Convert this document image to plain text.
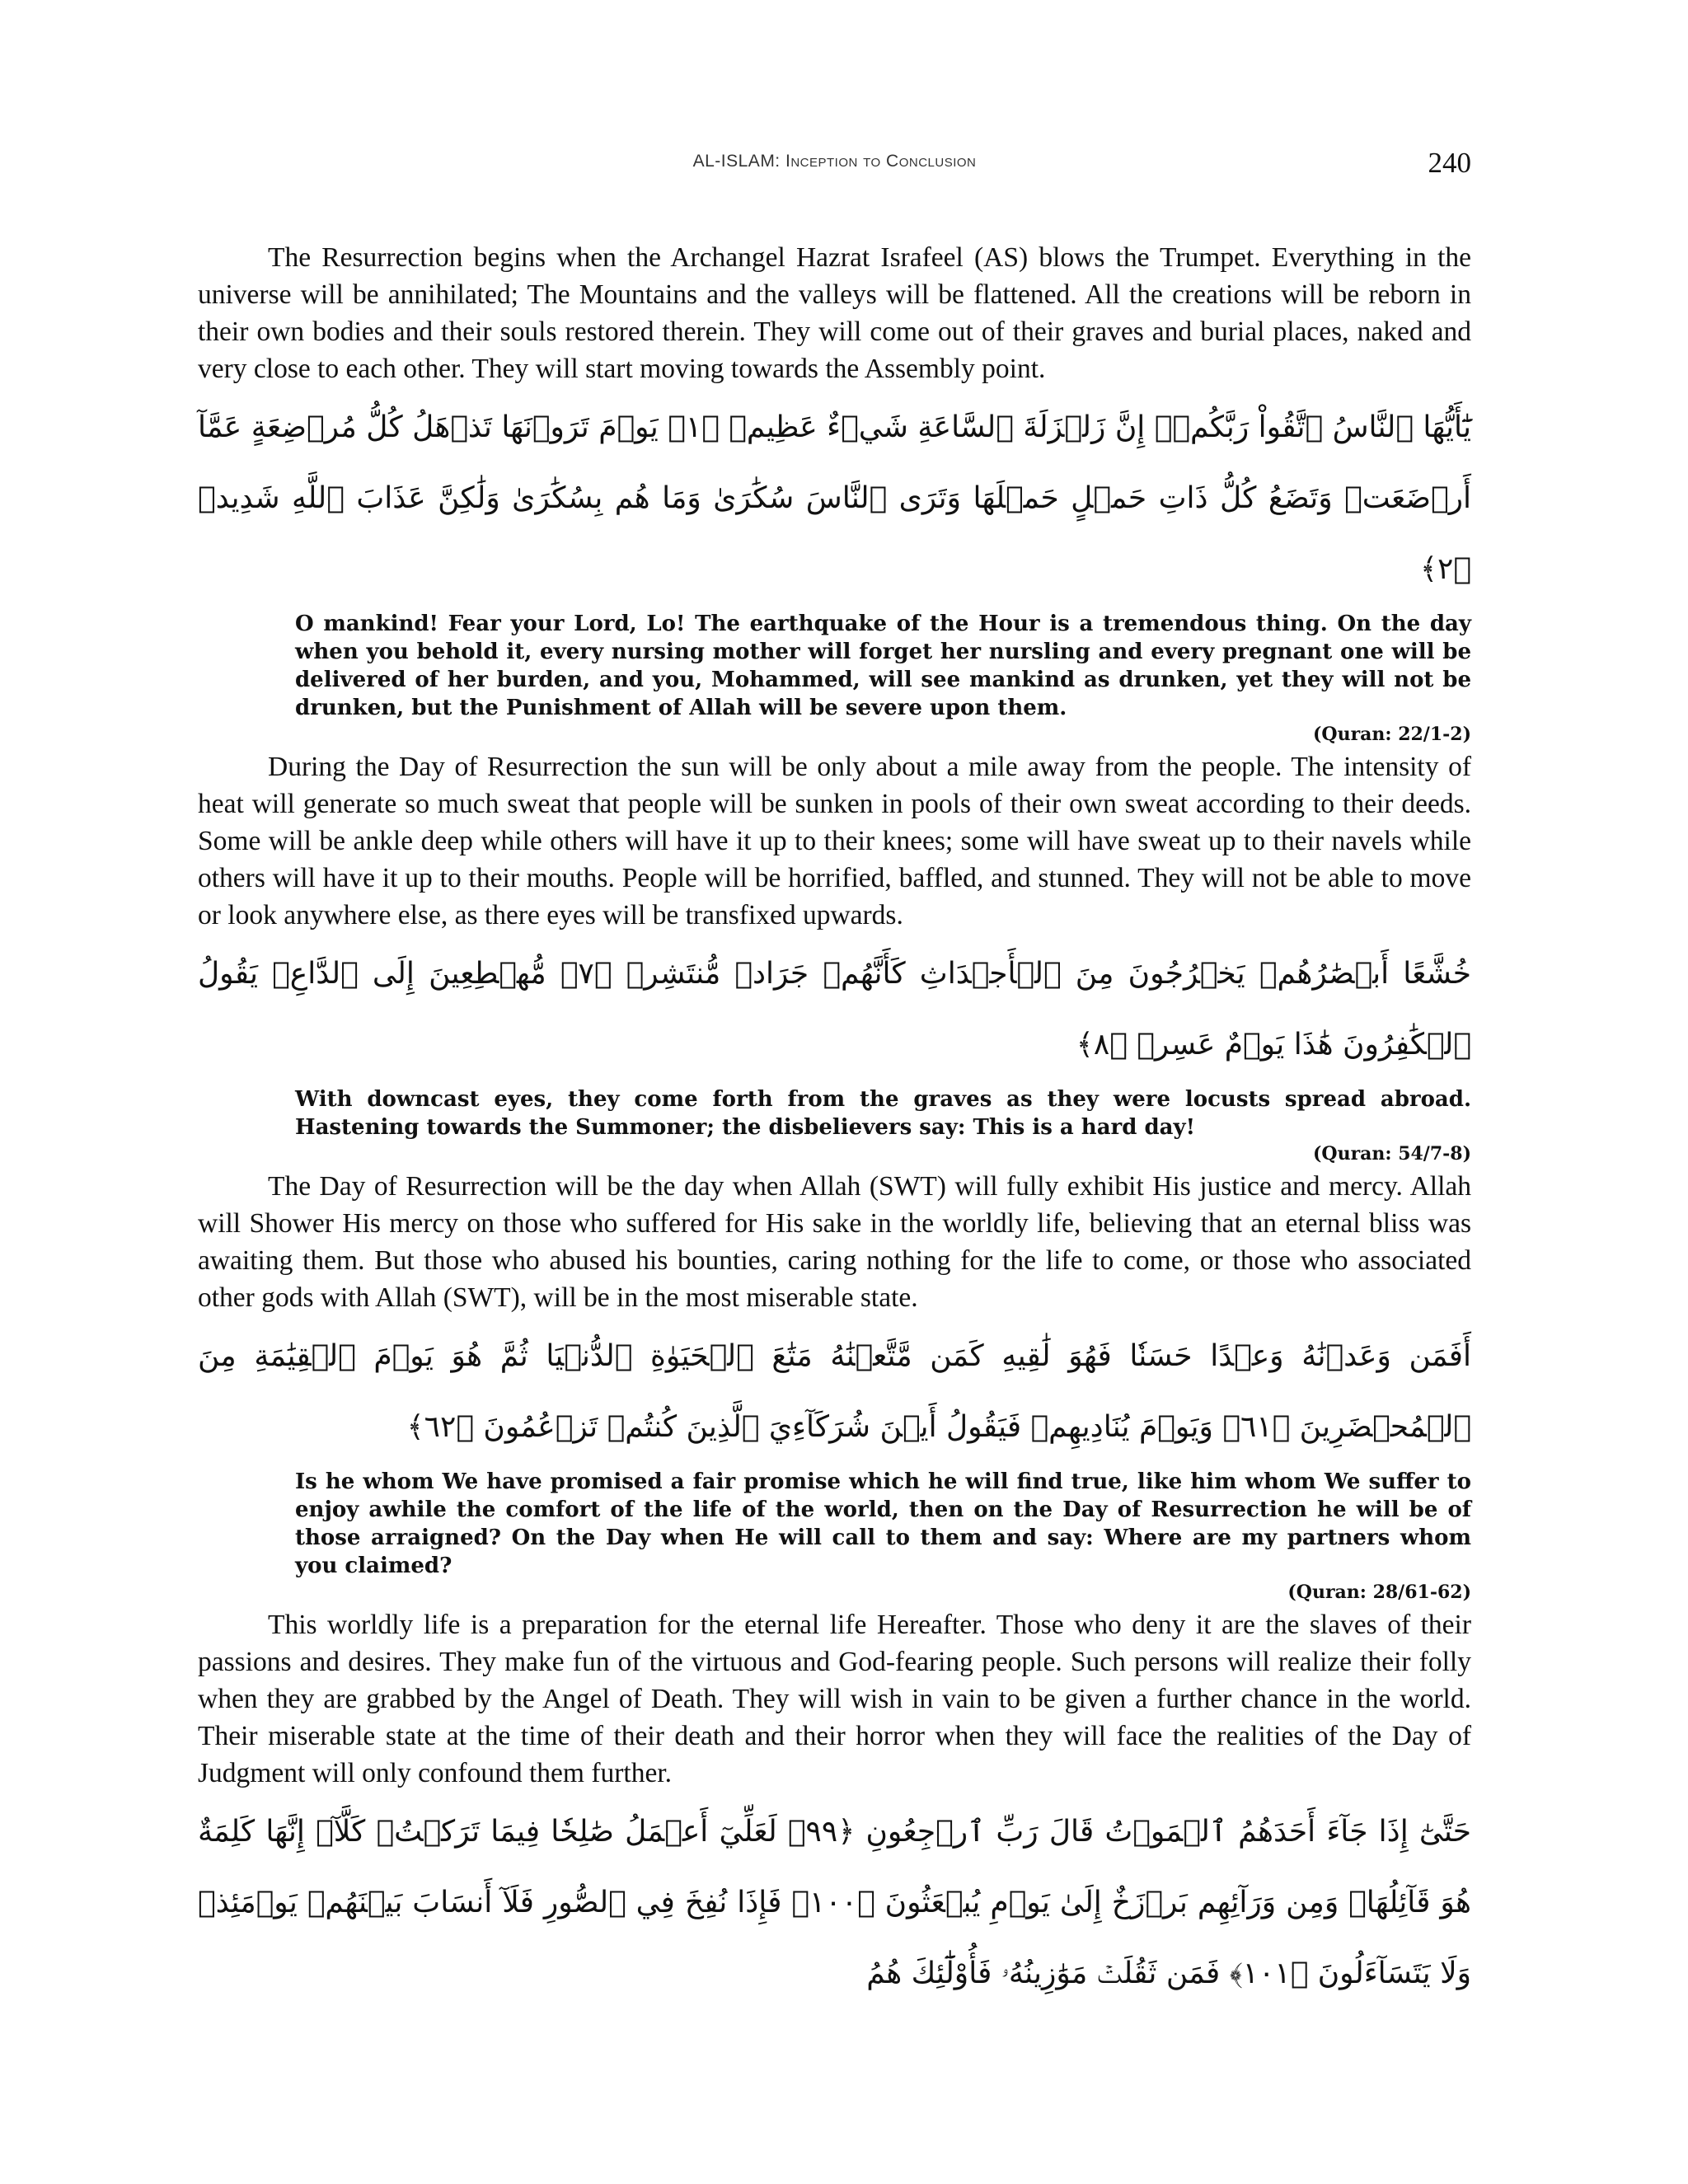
AL-ISLAM: Inception to Conclusion	240

The Resurrection begins when the Archangel Hazrat Israfeel (AS) blows the Trumpet. Everything in the universe will be annihilated; The Mountains and the valleys will be flattened. All the creations will be reborn in their own bodies and their souls restored therein. They will come out of their graves and burial places, naked and very close to each other. They will start moving towards the Assembly point.

يَٰٓأَيُّهَا ٱلنَّاسُ ٱتَّقُواْ رَبَّكُمۡۚ إِنَّ زَلۡزَلَةَ ٱلسَّاعَةِ شَيۡءٌ عَظِيمٞ ﴿١﴾ يَوۡمَ تَرَوۡنَهَا تَذۡهَلُ كُلُّ مُرۡضِعَةٍ عَمَّآ أَرۡضَعَتۡ وَتَضَعُ كُلُّ ذَاتِ حَمۡلٍ حَمۡلَهَا وَتَرَى ٱلنَّاسَ سُكَٰرَىٰ وَمَا هُم بِسُكَٰرَىٰ وَلَٰكِنَّ عَذَابَ ٱللَّهِ شَدِيدٞ ﴿٢﴾

O mankind! Fear your Lord, Lo! The earthquake of the Hour is a tremendous thing. On the day when you behold it, every nursing mother will forget her nursling and every pregnant one will be delivered of her burden, and you, Mohammed, will see mankind as drunken, yet they will not be drunken, but the Punishment of Allah will be severe upon them.

(Quran: 22/1-2)

During the Day of Resurrection the sun will be only about a mile away from the people. The intensity of heat will generate so much sweat that people will be sunken in pools of their own sweat according to their deeds. Some will be ankle deep while others will have it up to their knees; some will have sweat up to their navels while others will have it up to their mouths. People will be horrified, baffled, and stunned. They will not be able to move or look anywhere else, as there eyes will be transfixed upwards.

خُشَّعًا أَبۡصَٰرُهُمۡ يَخۡرُجُونَ مِنَ ٱلۡأَجۡدَاثِ كَأَنَّهُمۡ جَرَادٞ مُّنتَشِرٞ ﴿٧﴾ مُّهۡطِعِينَ إِلَى ٱلدَّاعِۖ يَقُولُ ٱلۡكَٰفِرُونَ هَٰذَا يَوۡمٌ عَسِرٞ ﴿٨﴾

With downcast eyes, they come forth from the graves as they were locusts spread abroad. Hastening towards the Summoner; the disbelievers say: This is a hard day!

(Quran: 54/7-8)

The Day of Resurrection will be the day when Allah (SWT) will fully exhibit His justice and mercy. Allah will Shower His mercy on those who suffered for His sake in the worldly life, believing that an eternal bliss was awaiting them. But those who abused his bounties, caring nothing for the life to come, or those who associated other gods with Allah (SWT), will be in the most miserable state.

أَفَمَن وَعَدۡنَٰهُ وَعۡدًا حَسَنٗا فَهُوَ لَٰقِيهِ كَمَن مَّتَّعۡنَٰهُ مَتَٰعَ ٱلۡحَيَوٰةِ ٱلدُّنۡيَا ثُمَّ هُوَ يَوۡمَ ٱلۡقِيَٰمَةِ مِنَ ٱلۡمُحۡضَرِينَ ﴿٦١﴾ وَيَوۡمَ يُنَادِيهِمۡ فَيَقُولُ أَيۡنَ شُرَكَآءِيَ ٱلَّذِينَ كُنتُمۡ تَزۡعُمُونَ ﴿٦٢﴾

Is he whom We have promised a fair promise which he will find true, like him whom We suffer to enjoy awhile the comfort of the life of the world, then on the Day of Resurrection he will be of those arraigned? On the Day when He will call to them and say: Where are my partners whom you claimed?

(Quran: 28/61-62)

This worldly life is a preparation for the eternal life Hereafter. Those who deny it are the slaves of their passions and desires. They make fun of the virtuous and God-fearing people. Such persons will realize their folly when they are grabbed by the Angel of Death. They will wish in vain to be given a further chance in the world. Their miserable state at the time of their death and their horror when they will face the realities of the Day of Judgment will only confound them further.

حَتَّىٰٓ إِذَا جَآءَ أَحَدَهُمُ ٱلۡمَوۡتُ قَالَ رَبِّ ٱرۡجِعُونِ ﴿٩٩﴾ لَعَلِّيٓ أَعۡمَلُ صَٰلِحٗا فِيمَا تَرَكۡتُۚ كَلَّآۚ إِنَّهَا كَلِمَةٌ هُوَ قَآئِلُهَاۖ وَمِن وَرَآئِهِم بَرۡزَخٌ إِلَىٰ يَوۡمِ يُبۡعَثُونَ ﴿١٠٠﴾ فَإِذَا نُفِخَ فِي ٱلصُّورِ فَلَآ أَنسَابَ بَيۡنَهُمۡ يَوۡمَئِذٖ وَلَا يَتَسَآءَلُونَ ﴿١٠١﴾ فَمَن ثَقُلَتۡ مَوَٰزِينُهُۥ فَأُوْلَٰٓئِكَ هُمُ
